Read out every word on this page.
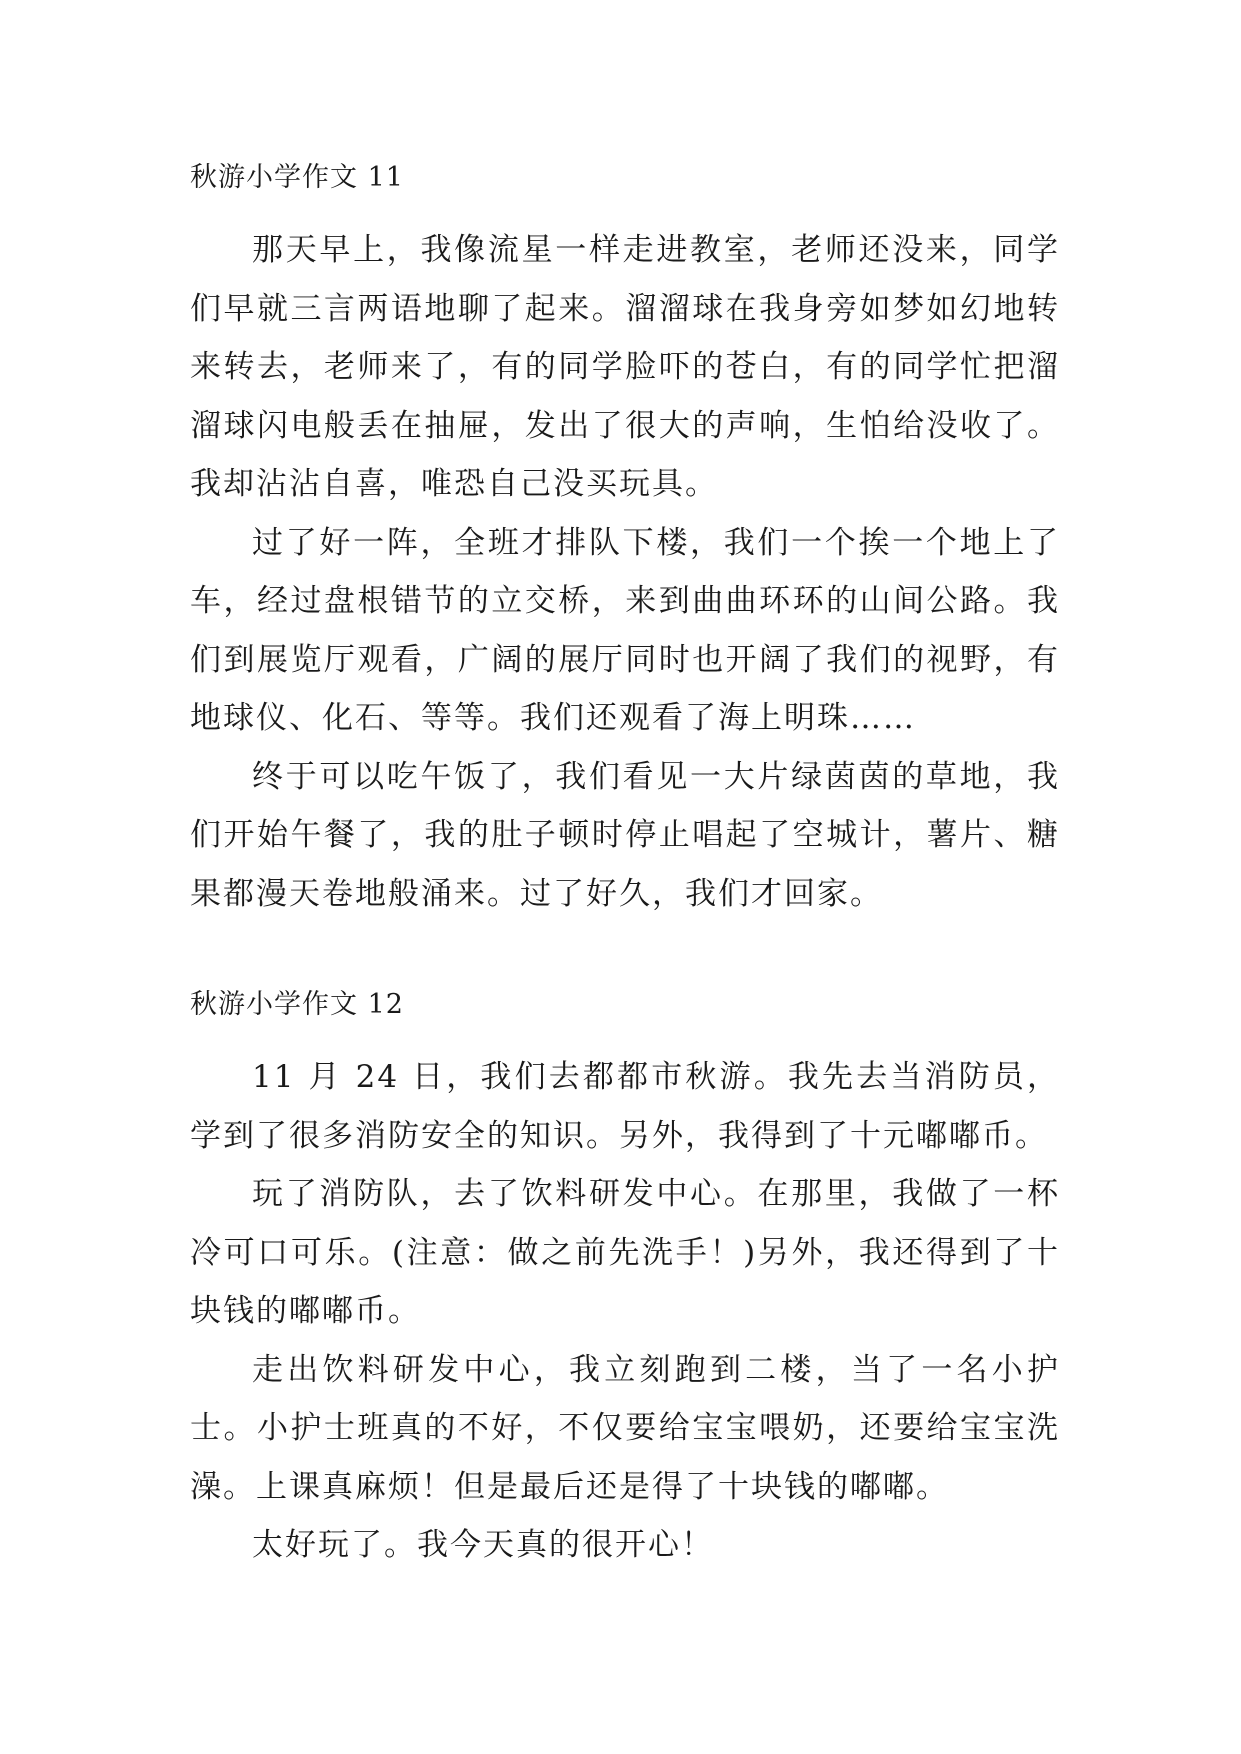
秋游小学作文 11

那天早上，我像流星一样走进教室，老师还没来，同学们早就三言两语地聊了起来。溜溜球在我身旁如梦如幻地转来转去，老师来了，有的同学脸吓的苍白，有的同学忙把溜溜球闪电般丢在抽屉，发出了很大的声响，生怕给没收了。我却沾沾自喜，唯恐自己没买玩具。

过了好一阵，全班才排队下楼，我们一个挨一个地上了车，经过盘根错节的立交桥，来到曲曲环环的山间公路。我们到展览厅观看，广阔的展厅同时也开阔了我们的视野，有地球仪、化石、等等。我们还观看了海上明珠……

终于可以吃午饭了，我们看见一大片绿茵茵的草地，我们开始午餐了，我的肚子顿时停止唱起了空城计，薯片、糖果都漫天卷地般涌来。过了好久，我们才回家。

秋游小学作文 12

11 月 24 日，我们去都都市秋游。我先去当消防员，学到了很多消防安全的知识。另外，我得到了十元嘟嘟币。

玩了消防队，去了饮料研发中心。在那里，我做了一杯冷可口可乐。(注意：做之前先洗手！)另外，我还得到了十块钱的嘟嘟币。

走出饮料研发中心，我立刻跑到二楼，当了一名小护士。小护士班真的不好，不仅要给宝宝喂奶，还要给宝宝洗澡。上课真麻烦！但是最后还是得了十块钱的嘟嘟。

太好玩了。我今天真的很开心！
